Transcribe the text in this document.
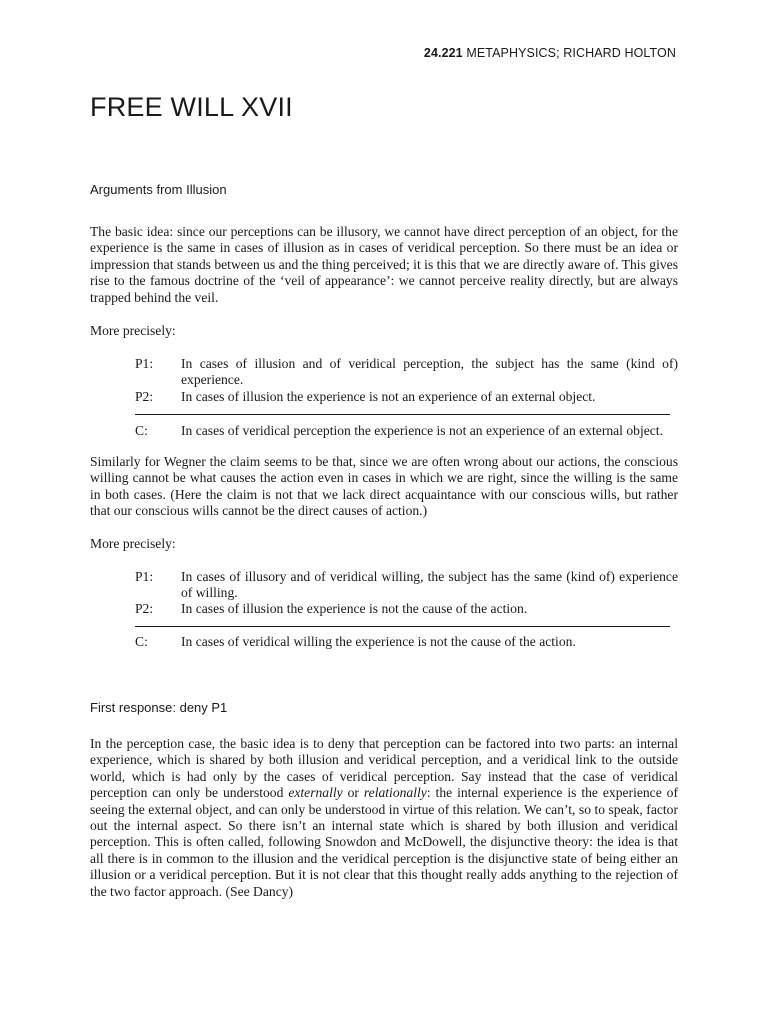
24.221 METAPHYSICS; RICHARD HOLTON
FREE WILL XVII
Arguments from Illusion

The basic idea: since our perceptions can be illusory, we cannot have direct perception of an object, for the experience is the same in cases of illusion as in cases of veridical perception. So there must be an idea or impression that stands between us and the thing perceived; it is this that we are directly aware of. This gives rise to the famous doctrine of the ‘veil of appearance’: we cannot perceive reality directly, but are always trapped behind the veil.

More precisely:

P1:	In cases of illusion and of veridical perception, the subject has the same (kind of) experience.
P2:	In cases of illusion the experience is not an experience of an external object.
C:	In cases of veridical perception the experience is not an experience of an external object.

Similarly for Wegner the claim seems to be that, since we are often wrong about our actions, the conscious willing cannot be what causes the action even in cases in which we are right, since the willing is the same in both cases. (Here the claim is not that we lack direct acquaintance with our conscious wills, but rather that our conscious wills cannot be the direct causes of action.)

More precisely:

P1:	In cases of illusory and of veridical willing, the subject has the same (kind of) experience of willing.
P2:	In cases of illusion the experience is not the cause of the action.
C:	In cases of veridical willing the experience is not the cause of the action.
First response: deny P1

In the perception case, the basic idea is to deny that perception can be factored into two parts: an internal experience, which is shared by both illusion and veridical perception, and a veridical link to the outside world, which is had only by the cases of veridical perception. Say instead that the case of veridical perception can only be understood externally or relationally: the internal experience is the experience of seeing the external object, and can only be understood in virtue of this relation. We can’t, so to speak, factor out the internal aspect. So there isn’t an internal state which is shared by both illusion and veridical perception. This is often called, following Snowdon and McDowell, the disjunctive theory: the idea is that all there is in common to the illusion and the veridical perception is the disjunctive state of being either an illusion or a veridical perception. But it is not clear that this thought really adds anything to the rejection of the two factor approach. (See Dancy)
